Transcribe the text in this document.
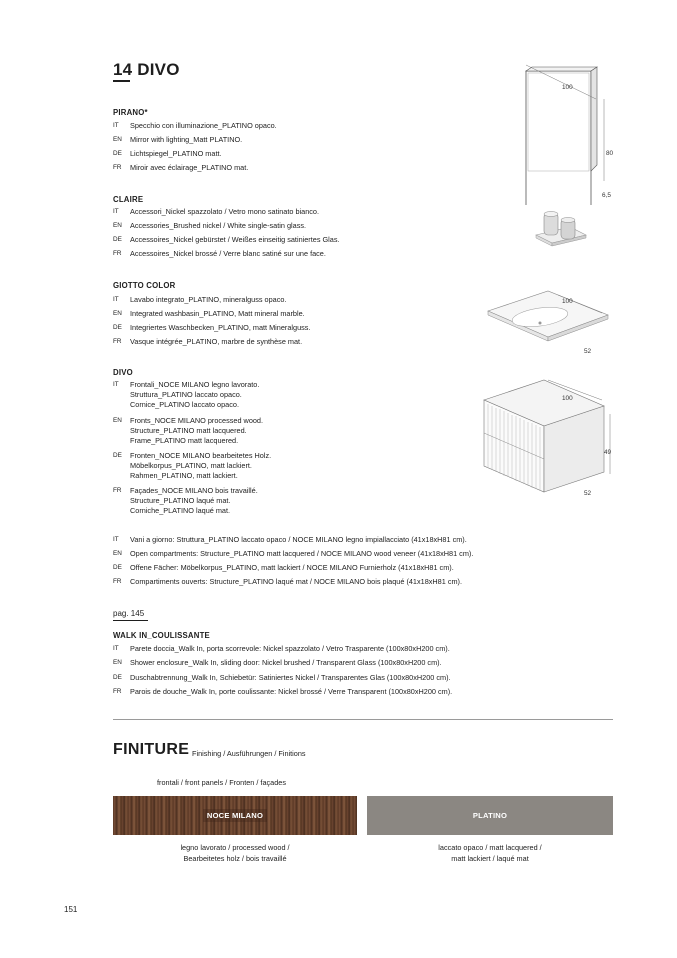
14 DIVO
PIRANO*
IT Specchio con illuminazione_PLATINO opaco.
EN Mirror with lighting_Matt PLATINO.
DE Lichtspiegel_PLATINO matt.
FR Miroir avec éclairage_PLATINO mat.
CLAIRE
IT Accessori_Nickel spazzolato / Vetro mono satinato bianco.
EN Accessories_Brushed nickel / White single-satin glass.
DE Accessoires_Nickel gebürstet / Weißes einseitig satiniertes Glas.
FR Accessoires_Nickel brossé / Verre blanc satiné sur une face.
GIOTTO COLOR
IT Lavabo integrato_PLATINO, mineralguss opaco.
EN Integrated washbasin_PLATINO, Matt mineral marble.
DE Integriertes Waschbecken_PLATINO, matt Mineralguss.
FR Vasque intégrée_PLATINO, marbre de synthèse mat.
DIVO
IT Frontali_NOCE MILANO legno lavorato.
Struttura_PLATINO laccato opaco.
Cornice_PLATINO laccato opaco.
EN Fronts_NOCE MILANO processed wood.
Structure_PLATINO matt lacquered.
Frame_PLATINO matt lacquered.
DE Fronten_NOCE MILANO bearbeitetes Holz.
Möbelkorpus_PLATINO, matt lackiert.
Rahmen_PLATINO, matt lackiert.
FR Façades_NOCE MILANO bois travaillé.
Structure_PLATINO laqué mat.
Corniche_PLATINO laqué mat.
IT Vani a giorno: Struttura_PLATINO laccato opaco / NOCE MILANO legno impiallacciato (41x18xH81 cm).
EN Open compartments: Structure_PLATINO matt lacquered / NOCE MILANO wood veneer (41x18xH81 cm).
DE Offene Fächer: Möbelkorpus_PLATINO, matt lackiert / NOCE MILANO Furnierholz (41x18xH81 cm).
FR Compartiments ouverts: Structure_PLATINO laqué mat / NOCE MILANO bois plaqué (41x18xH81 cm).
pag. 145
WALK IN_COULISSANTE
IT Parete doccia_Walk In, porta scorrevole: Nickel spazzolato / Vetro Trasparente (100x80xH200 cm).
EN Shower enclosure_Walk In, sliding door: Nickel brushed / Transparent Glass (100x80xH200 cm).
DE Duschabtrennung_Walk In, Schiebetür: Satiniertes Nickel / Transparentes Glas (100x80xH200 cm).
FR Parois de douche_Walk In, porte coulissante: Nickel brossé / Verre Transparent (100x80xH200 cm).
FINITURE Finishing / Ausführungen / Finitions
frontali / front panels / Fronten / façades
NOCE MILANO	PLATINO
legno lavorato / processed wood /
Bearbeitetes holz / bois travaillé
laccato opaco / matt lacquered /
matt lackiert / laqué mat
151
100
80
6,5
100
52
100
49
52
